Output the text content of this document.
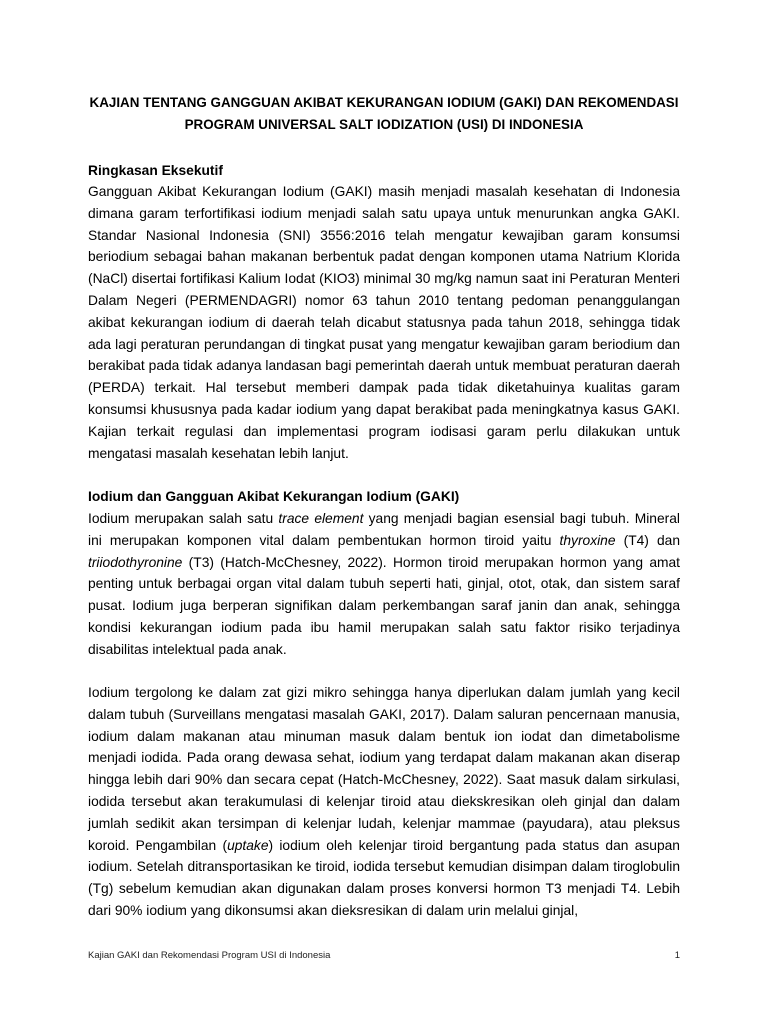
KAJIAN TENTANG GANGGUAN AKIBAT KEKURANGAN IODIUM (GAKI) DAN REKOMENDASI
PROGRAM UNIVERSAL SALT IODIZATION (USI) DI INDONESIA
Ringkasan Eksekutif
Gangguan Akibat Kekurangan Iodium (GAKI) masih menjadi masalah kesehatan di Indonesia dimana garam terfortifikasi iodium menjadi salah satu upaya untuk menurunkan angka GAKI. Standar Nasional Indonesia (SNI) 3556:2016 telah mengatur kewajiban garam konsumsi beriodium sebagai bahan makanan berbentuk padat dengan komponen utama Natrium Klorida (NaCl) disertai fortifikasi Kalium Iodat (KIO3) minimal 30 mg/kg namun saat ini Peraturan Menteri Dalam Negeri (PERMENDAGRI) nomor 63 tahun 2010 tentang pedoman penanggulangan akibat kekurangan iodium di daerah telah dicabut statusnya pada tahun 2018, sehingga tidak ada lagi peraturan perundangan di tingkat pusat yang mengatur kewajiban garam beriodium dan berakibat pada tidak adanya landasan bagi pemerintah daerah untuk membuat peraturan daerah (PERDA) terkait. Hal tersebut memberi dampak pada tidak diketahuinya kualitas garam konsumsi khususnya pada kadar iodium yang dapat berakibat pada meningkatnya kasus GAKI. Kajian terkait regulasi dan implementasi program iodisasi garam perlu dilakukan untuk mengatasi masalah kesehatan lebih lanjut.
Iodium dan Gangguan Akibat Kekurangan Iodium (GAKI)
Iodium merupakan salah satu trace element yang menjadi bagian esensial bagi tubuh. Mineral ini merupakan komponen vital dalam pembentukan hormon tiroid yaitu thyroxine (T4) dan triiodothyronine (T3) (Hatch-McChesney, 2022). Hormon tiroid merupakan hormon yang amat penting untuk berbagai organ vital dalam tubuh seperti hati, ginjal, otot, otak, dan sistem saraf pusat. Iodium juga berperan signifikan dalam perkembangan saraf janin dan anak, sehingga kondisi kekurangan iodium pada ibu hamil merupakan salah satu faktor risiko terjadinya disabilitas intelektual pada anak.
Iodium tergolong ke dalam zat gizi mikro sehingga hanya diperlukan dalam jumlah yang kecil dalam tubuh (Surveillans mengatasi masalah GAKI, 2017). Dalam saluran pencernaan manusia, iodium dalam makanan atau minuman masuk dalam bentuk ion iodat dan dimetabolisme menjadi iodida. Pada orang dewasa sehat, iodium yang terdapat dalam makanan akan diserap hingga lebih dari 90% dan secara cepat (Hatch-McChesney, 2022). Saat masuk dalam sirkulasi, iodida tersebut akan terakumulasi di kelenjar tiroid atau diekskresikan oleh ginjal dan dalam jumlah sedikit akan tersimpan di kelenjar ludah, kelenjar mammae (payudara), atau pleksus koroid. Pengambilan (uptake) iodium oleh kelenjar tiroid bergantung pada status dan asupan iodium. Setelah ditransportasikan ke tiroid, iodida tersebut kemudian disimpan dalam tiroglobulin (Tg) sebelum kemudian akan digunakan dalam proses konversi hormon T3 menjadi T4. Lebih dari 90% iodium yang dikonsumsi akan dieksresikan di dalam urin melalui ginjal,
Kajian GAKI dan Rekomendasi Program USI di Indonesia	1
